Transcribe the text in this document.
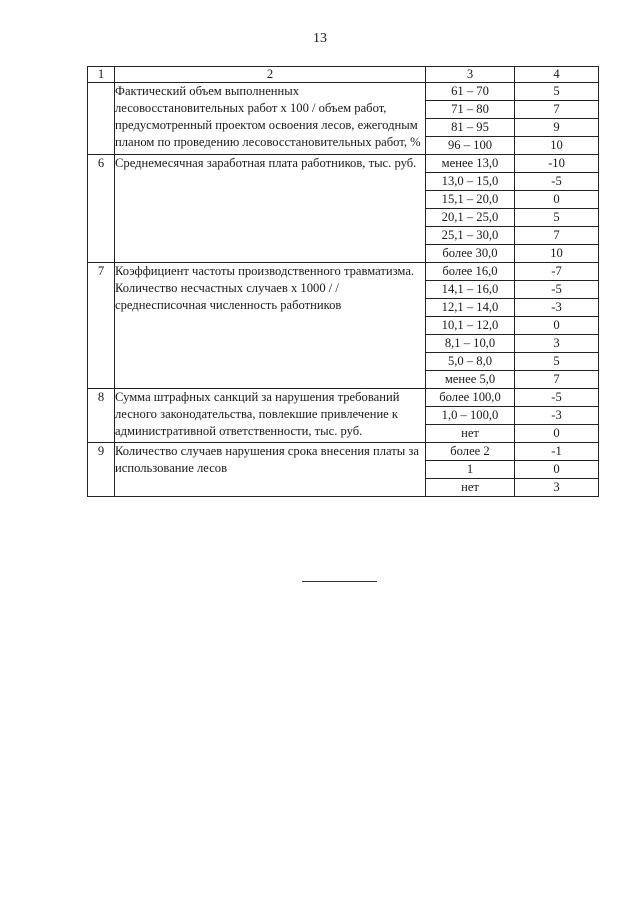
13
1	2	3	4
	Фактический объем выполненных лесовосстановительных работ х 100 / объем работ, предусмотренный проектом освоения лесов, ежегодным планом по проведению лесовосстановительных работ, %	61 – 70	5
		71 – 80	7
		81 – 95	9
		96 – 100	10
6	Среднемесячная заработная плата работников, тыс. руб.	менее 13,0	-10
		13,0 – 15,0	-5
		15,1 – 20,0	0
		20,1 – 25,0	5
		25,1 – 30,0	7
		более 30,0	10
7	Коэффициент частоты производственного травматизма. Количество несчастных случаев х 1000 / / среднесписочная численность работников	более 16,0	-7
		14,1 – 16,0	-5
		12,1 – 14,0	-3
		10,1 – 12,0	0
		8,1 – 10,0	3
		5,0 – 8,0	5
		менее 5,0	7
8	Сумма штрафных санкций за нарушения требований лесного законодательства, повлекшие привлечение к административной ответственности, тыс. руб.	более 100,0	-5
		1,0 – 100,0	-3
		нет	0
9	Количество случаев нарушения срока внесения платы за использование лесов	более 2	-1
		1	0
		нет	3
